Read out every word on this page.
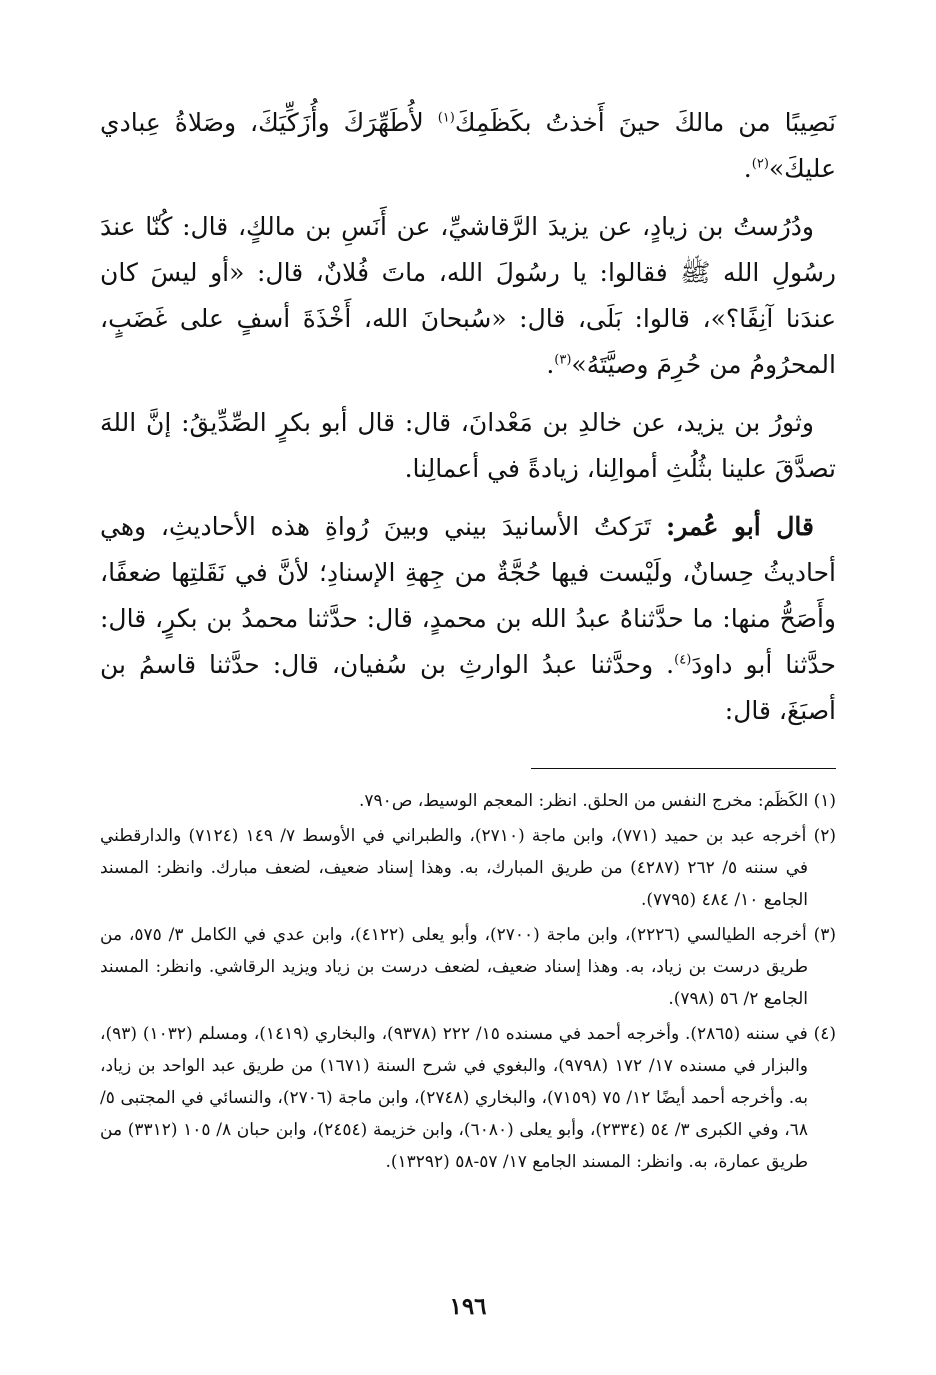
نَصِيبًا من مالكَ حينَ أَخذتُ بكَظَمِكَ$^{(١)}$ لأُطَهِّرَكَ وأُزَكِّيَكَ، وصَلاةُ عِبادي عليكَ»$^{(٢)}$.

ودُرُستُ بن زيادٍ، عن يزيدَ الرَّقاشيِّ، عن أَنَسِ بن مالكٍ، قال: كُنّا عندَ رسُولِ الله ﷺ فقالوا: يا رسُولَ الله، ماتَ فُلانٌ، قال: «أو ليسَ كان عندَنا آنِفًا؟»، قالوا: بَلَى، قال: «سُبحانَ الله، أَخْذَةَ أسفٍ على غَضَبٍ، المحرُومُ من حُرِمَ وصيَّتَهُ»$^{(٣)}$.

وثورُ بن يزيد، عن خالدِ بن مَعْدانَ، قال: قال أبو بكرٍ الصِّدِّيقُ: إنَّ اللهَ تصدَّقَ علينا بثُلُثِ أموالِنا، زيادةً في أعمالِنا.

قال أبو عُمر: تَرَكتُ الأسانيدَ بيني وبينَ رُواةِ هذه الأحاديثِ، وهي أحاديثُ حِسانٌ، ولَيْست فيها حُجَّةٌ من جِهةِ الإسنادِ؛ لأنَّ في نَقَلتِها ضعفًا، وأَصَحُّ منها: ما حدَّثناهُ عبدُ الله بن محمدٍ، قال: حدَّثنا محمدُ بن بكرٍ، قال: حدَّثنا أبو داودَ$^{(٤)}$. وحدَّثنا عبدُ الوارثِ بن سُفيان، قال: حدَّثنا قاسمُ بن أصبَغَ، قال:

(١) الكَظَم: مخرج النفس من الحلق. انظر: المعجم الوسيط، ص٧٩٠.

(٢) أخرجه عبد بن حميد (٧٧١)، وابن ماجة (٢٧١٠)، والطبراني في الأوسط ٧/ ١٤٩ (٧١٢٤) والدارقطني في سننه ٥/ ٢٦٢ (٤٢٨٧) من طريق المبارك، به. وهذا إسناد ضعيف، لضعف مبارك. وانظر: المسند الجامع ١٠/ ٤٨٤ (٧٧٩٥).

(٣) أخرجه الطيالسي (٢٢٢٦)، وابن ماجة (٢٧٠٠)، وأبو يعلى (٤١٢٢)، وابن عدي في الكامل ٣/ ٥٧٥، من طريق درست بن زياد، به. وهذا إسناد ضعيف، لضعف درست بن زياد ويزيد الرقاشي. وانظر: المسند الجامع ٢/ ٥٦ (٧٩٨).

(٤) في سننه (٢٨٦٥). وأخرجه أحمد في مسنده ١٥/ ٢٢٢ (٩٣٧٨)، والبخاري (١٤١٩)، ومسلم (١٠٣٢) (٩٣)، والبزار في مسنده ١٧/ ١٧٢ (٩٧٩٨)، والبغوي في شرح السنة (١٦٧١) من طريق عبد الواحد بن زياد، به. وأخرجه أحمد أيضًا ١٢/ ٧٥ (٧١٥٩)، والبخاري (٢٧٤٨)، وابن ماجة (٢٧٠٦)، والنسائي في المجتبى ٥/ ٦٨، وفي الكبرى ٣/ ٥٤ (٢٣٣٤)، وأبو يعلى (٦٠٨٠)، وابن خزيمة (٢٤٥٤)، وابن حبان ٨/ ١٠٥ (٣٣١٢) من طريق عمارة، به. وانظر: المسند الجامع ١٧/ ٥٧-٥٨ (١٣٢٩٢).

١٩٦
